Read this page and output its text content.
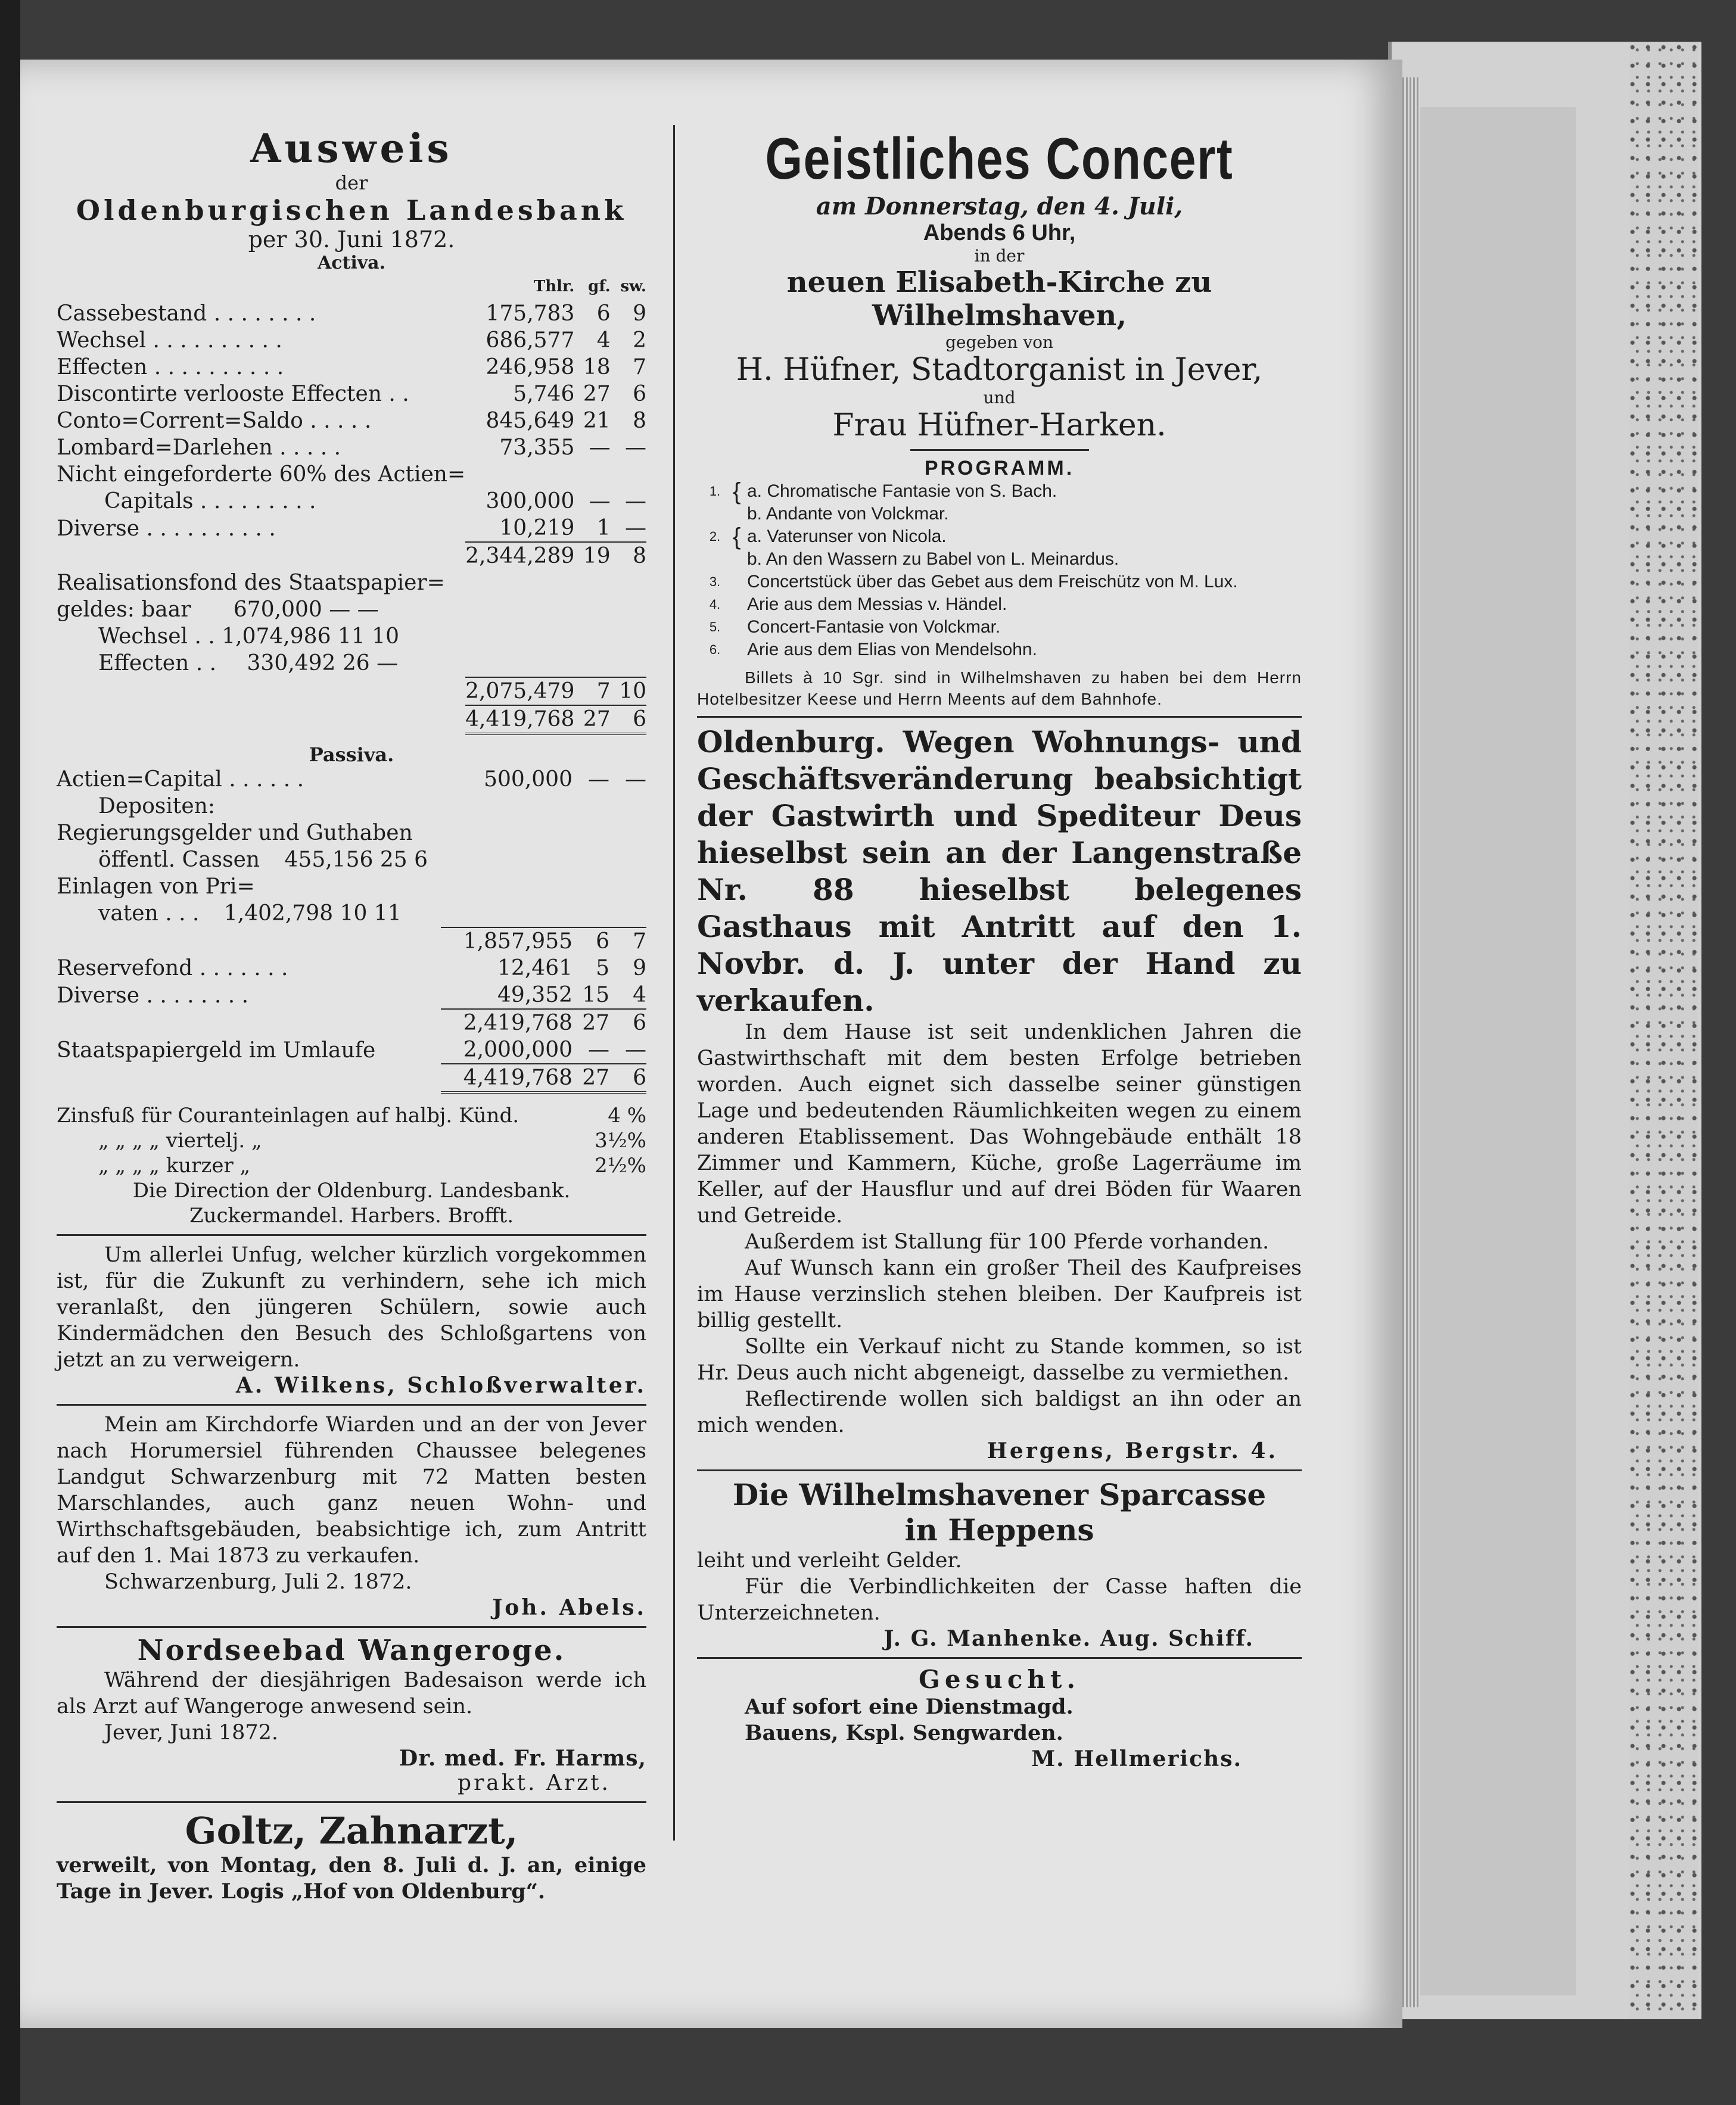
Ausweis
der
Oldenburgischen Landesbank
per 30. Juni 1872.
Activa.
	Thlr.	gf.	sw.
Cassebestand . . . . . . . .	175,783	6	9
Wechsel . . . . . . . . . .	686,577	4	2
Effecten . . . . . . . . . .	246,958	18	7
Discontirte verlooste Effecten . .	5,746	27	6
Conto=Corrent=Saldo . . . . .	845,649	21	8
Lombard=Darlehen . . . . .	73,355	—	—
Nicht eingeforderte 60% des Actien=			
Capitals . . . . . . . . .	300,000	—	—
Diverse . . . . . . . . . .	10,219	1	—
	2,344,289	19	8
Realisationsfond des Staatspapier=			
geldes: baar 670,000 — —			
Wechsel . . 1,074,986 11 10			
Effecten . . 330,492 26 —			
	2,075,479	7	10
	4,419,768	27	6
Passiva.
Actien=Capital . . . . . .	500,000	—	—
Depositen:			
Regierungsgelder und Guthaben			
öffentl. Cassen 455,156 25 6			
Einlagen von Pri=			
vaten . . . 1,402,798 10 11			
	1,857,955	6	7
Reservefond . . . . . . .	12,461	5	9
Diverse . . . . . . . .	49,352	15	4
	2,419,768	27	6
Staatspapiergeld im Umlaufe	2,000,000	—	—
	4,419,768	27	6
Zinsfuß für Couranteinlagen auf halbj. Künd.	4 %
„ „ „ „ viertelj. „	3½%
„ „ „ „ kurzer „	2½%
Die Direction der Oldenburg. Landesbank.
Zuckermandel. Harbers. Brofft.

Um allerlei Unfug, welcher kürzlich vorgekommen ist, für die Zukunft zu verhindern, sehe ich mich veranlaßt, den jüngeren Schülern, sowie auch Kindermädchen den Besuch des Schloßgartens von jetzt an zu verweigern.

A. Wilkens, Schloßverwalter.

Mein am Kirchdorfe Wiarden und an der von Jever nach Horumersiel führenden Chaussee belegenes Landgut Schwarzenburg mit 72 Matten besten Marschlandes, auch ganz neuen Wohn- und Wirthschaftsgebäuden, beabsichtige ich, zum Antritt auf den 1. Mai 1873 zu verkaufen.

Schwarzenburg, Juli 2. 1872.
Joh. Abels.
Nordseebad Wangeroge.

Während der diesjährigen Badesaison werde ich als Arzt auf Wangeroge anwesend sein.

Jever, Juni 1872.
Dr. med. Fr. Harms,
prakt. Arzt.
Goltz, Zahnarzt,

verweilt, von Montag, den 8. Juli d. J. an, einige Tage in Jever. Logis „Hof von Oldenburg“.

Geistliches Concert
am Donnerstag, den 4. Juli,
Abends 6 Uhr,
in der
neuen Elisabeth-Kirche zu Wilhelmshaven,
gegeben von
H. Hüfner, Stadtorganist in Jever,
und
Frau Hüfner-Harken.
PROGRAMM.
1. { a. Chromatische Fantasie von S. Bach.
b. Andante von Volckmar.
2. { a. Vaterunser von Nicola.
b. An den Wassern zu Babel von L. Meinardus.
3.	Concertstück über das Gebet aus dem Freischütz von M. Lux.
4.	Arie aus dem Messias v. Händel.
5.	Concert-Fantasie von Volckmar.
6.	Arie aus dem Elias von Mendelsohn.

Billets à 10 Sgr. sind in Wilhelmshaven zu haben bei dem Herrn Hotelbesitzer Keese und Herrn Meents auf dem Bahnhofe.

Oldenburg. Wegen Wohnungs- und Geschäftsveränderung beabsichtigt der Gastwirth und Spediteur Deus hieselbst sein an der Langenstraße Nr. 88 hieselbst belegenes Gasthaus mit Antritt auf den 1. Novbr. d. J. unter der Hand zu verkaufen.

In dem Hause ist seit undenklichen Jahren die Gastwirthschaft mit dem besten Erfolge betrieben worden. Auch eignet sich dasselbe seiner günstigen Lage und bedeutenden Räumlichkeiten wegen zu einem anderen Etablissement. Das Wohngebäude enthält 18 Zimmer und Kammern, Küche, große Lagerräume im Keller, auf der Hausflur und auf drei Böden für Waaren und Getreide.

Außerdem ist Stallung für 100 Pferde vorhanden.

Auf Wunsch kann ein großer Theil des Kaufpreises im Hause verzinslich stehen bleiben. Der Kaufpreis ist billig gestellt.

Sollte ein Verkauf nicht zu Stande kommen, so ist Hr. Deus auch nicht abgeneigt, dasselbe zu vermiethen.

Reflectirende wollen sich baldigst an ihn oder an mich wenden.

Hergens, Bergstr. 4.
Die Wilhelmshavener Sparcasse
in Heppens

leiht und verleiht Gelder.

Für die Verbindlichkeiten der Casse haften die Unterzeichneten.

J. G. Manhenke. Aug. Schiff.
Gesucht.
Auf sofort eine Dienstmagd.
Bauens, Kspl. Sengwarden.
M. Hellmerichs.
